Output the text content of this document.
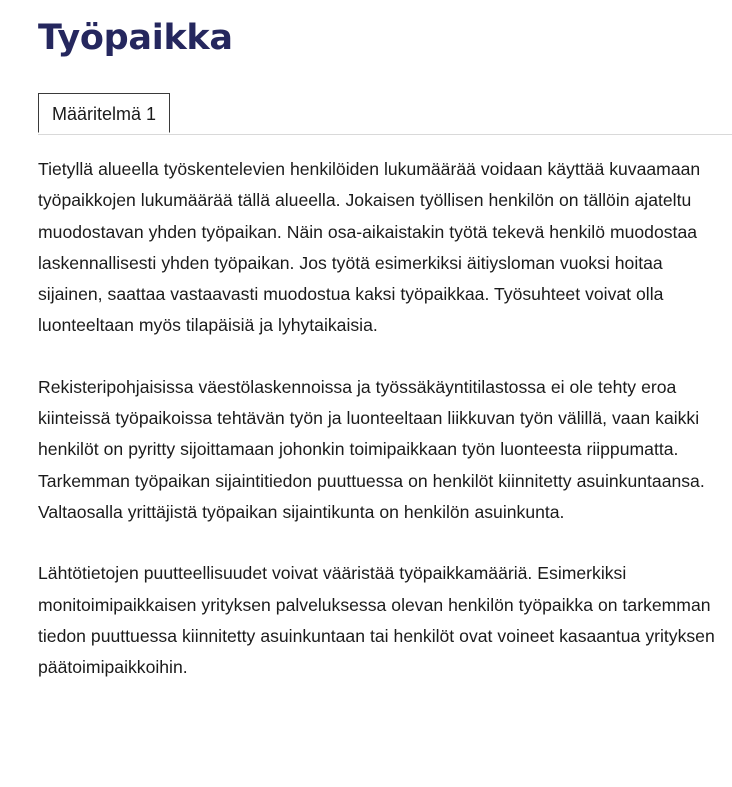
Työpaikka
Määritelmä 1

Tietyllä alueella työskentelevien henkilöiden lukumäärää voidaan käyttää kuvaamaan työpaikkojen lukumäärää tällä alueella. Jokaisen työllisen henkilön on tällöin ajateltu muodostavan yhden työpaikan. Näin osa-aikaistakin työtä tekevä henkilö muodostaa laskennallisesti yhden työpaikan. Jos työtä esimerkiksi äitiysloman vuoksi hoitaa sijainen, saattaa vastaavasti muodostua kaksi työpaikkaa. Työsuhteet voivat olla luonteeltaan myös tilapäisiä ja lyhytaikaisia.

Rekisteripohjaisissa väestölaskennoissa ja työssäkäyntitilastossa ei ole tehty eroa kiinteissä työpaikoissa tehtävän työn ja luonteeltaan liikkuvan työn välillä, vaan kaikki henkilöt on pyritty sijoittamaan johonkin toimipaikkaan työn luonteesta riippumatta. Tarkemman työpaikan sijaintitiedon puuttuessa on henkilöt kiinnitetty asuinkuntaansa. Valtaosalla yrittäjistä työpaikan sijaintikunta on henkilön asuinkunta.

Lähtötietojen puutteellisuudet voivat vääristää työpaikkamääriä. Esimerkiksi monitoimipaikkaisen yrityksen palveluksessa olevan henkilön työpaikka on tarkemman tiedon puuttuessa kiinnitetty asuinkuntaan tai henkilöt ovat voineet kasaantua yrityksen päätoimipaikkoihin.
